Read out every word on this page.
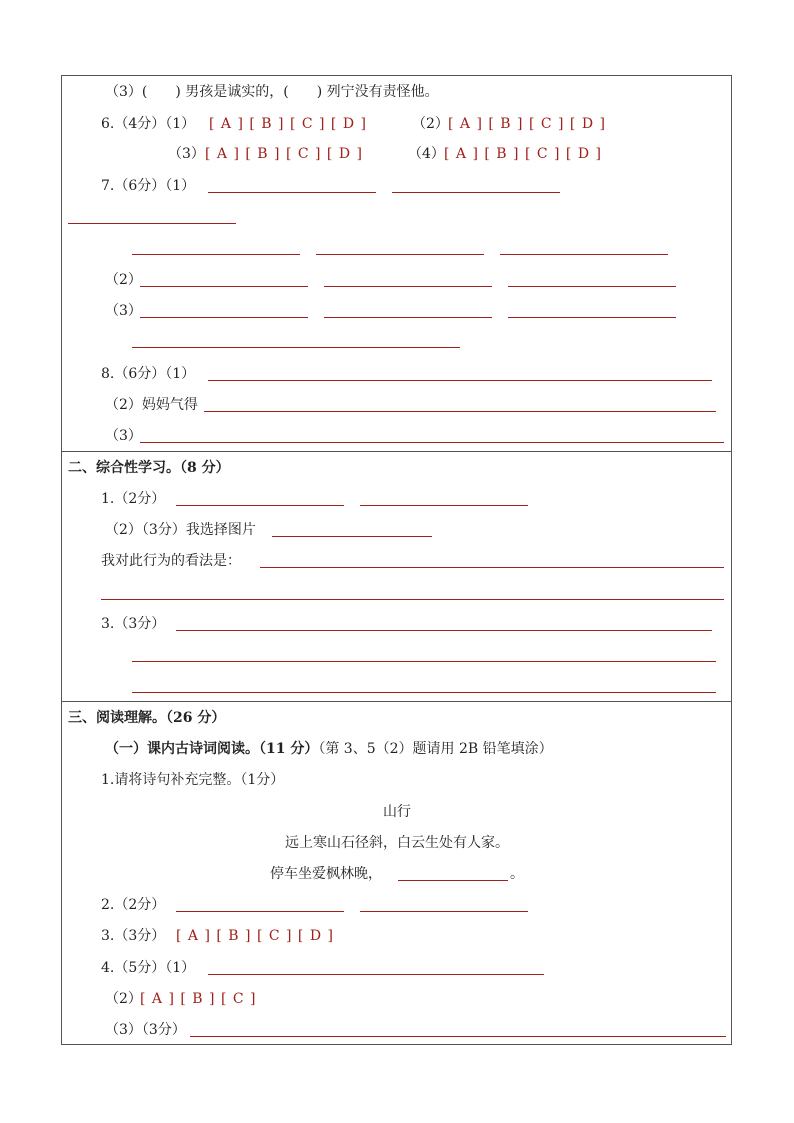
（3）(　　) 男孩是诚实的，(　　) 列宁没有责怪他。
6.（4分）（1） [ A ] [ B ] [ C ] [ D ]	（2） [ A ] [ B ] [ C ] [ D ]
（3） [ A ] [ B ] [ C ] [ D ]	（4） [ A ] [ B ] [ C ] [ D ]
7.（6分）（1）
（2）
（3）
8.（6分）（1）
（2）妈妈气得
（3）
二、综合性学习。（8 分）
1.（2分）
（2）（3分）我选择图片
我对此行为的看法是：
3.（3分）
三、阅读理解。（26 分）
（一）课内古诗词阅读。（11 分）（第 3、5（2）题请用 2B 铅笔填涂）
1.请将诗句补充完整。（1分）
山行
远上寒山石径斜，白云生处有人家。
停车坐爱枫林晚，	。
2.（2分）
3.（3分） [ A ] [ B ] [ C ] [ D ]
4.（5分）（1）
（2）
[ A ] [ B ] [ C ]
（3）（3分）
